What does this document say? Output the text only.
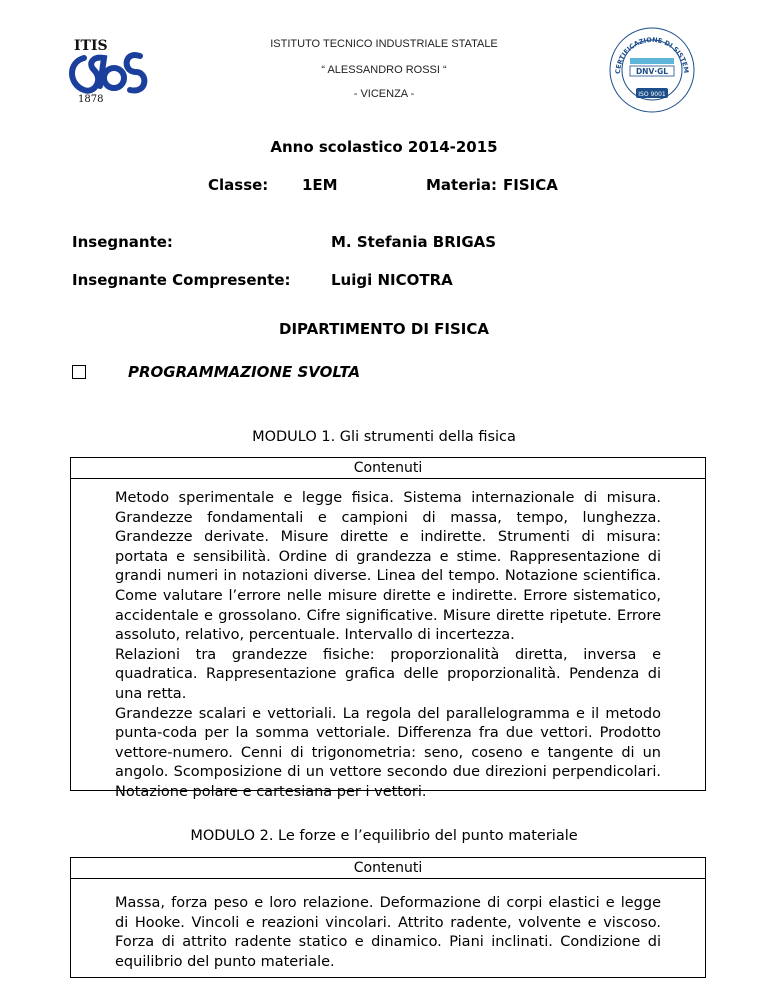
ITIS
1878
ISTITUTO TECNICO INDUSTRIALE STATALE
“ ALESSANDRO ROSSI “
- VICENZA -
CERTIFICAZIONE DI SISTEM
DNV·GL
ISO 9001
Anno scolastico 2014-2015
Classe: 1EM	Materia: FISICA
Insegnante:	M. Stefania BRIGAS
Insegnante Compresente:	Luigi NICOTRA
DIPARTIMENTO DI FISICA
PROGRAMMAZIONE SVOLTA
MODULO 1. Gli strumenti della fisica
Contenuti

Metodo sperimentale e legge fisica. Sistema internazionale di misura. Grandezze fondamentali e campioni di massa, tempo, lunghezza. Grandezze derivate. Misure dirette e indirette. Strumenti di misura: portata e sensibilità. Ordine di grandezza e stime. Rappresentazione di grandi numeri in notazioni diverse. Linea del tempo. Notazione scientifica. Come valutare l’errore nelle misure dirette e indirette. Errore sistematico, accidentale e grossolano. Cifre significative. Misure dirette ripetute. Errore assoluto, relativo, percentuale. Intervallo di incertezza.

Relazioni tra grandezze fisiche: proporzionalità diretta, inversa e quadratica. Rappresentazione grafica delle proporzionalità. Pendenza di una retta.

Grandezze scalari e vettoriali. La regola del parallelogramma e il metodo punta-coda per la somma vettoriale. Differenza fra due vettori. Prodotto vettore-numero. Cenni di trigonometria: seno, coseno e tangente di un angolo. Scomposizione di un vettore secondo due direzioni perpendicolari. Notazione polare e cartesiana per i vettori.

MODULO 2. Le forze e l’equilibrio del punto materiale
Contenuti

Massa, forza peso e loro relazione. Deformazione di corpi elastici e legge di Hooke. Vincoli e reazioni vincolari. Attrito radente, volvente e viscoso. Forza di attrito radente statico e dinamico. Piani inclinati. Condizione di equilibrio del punto materiale.
